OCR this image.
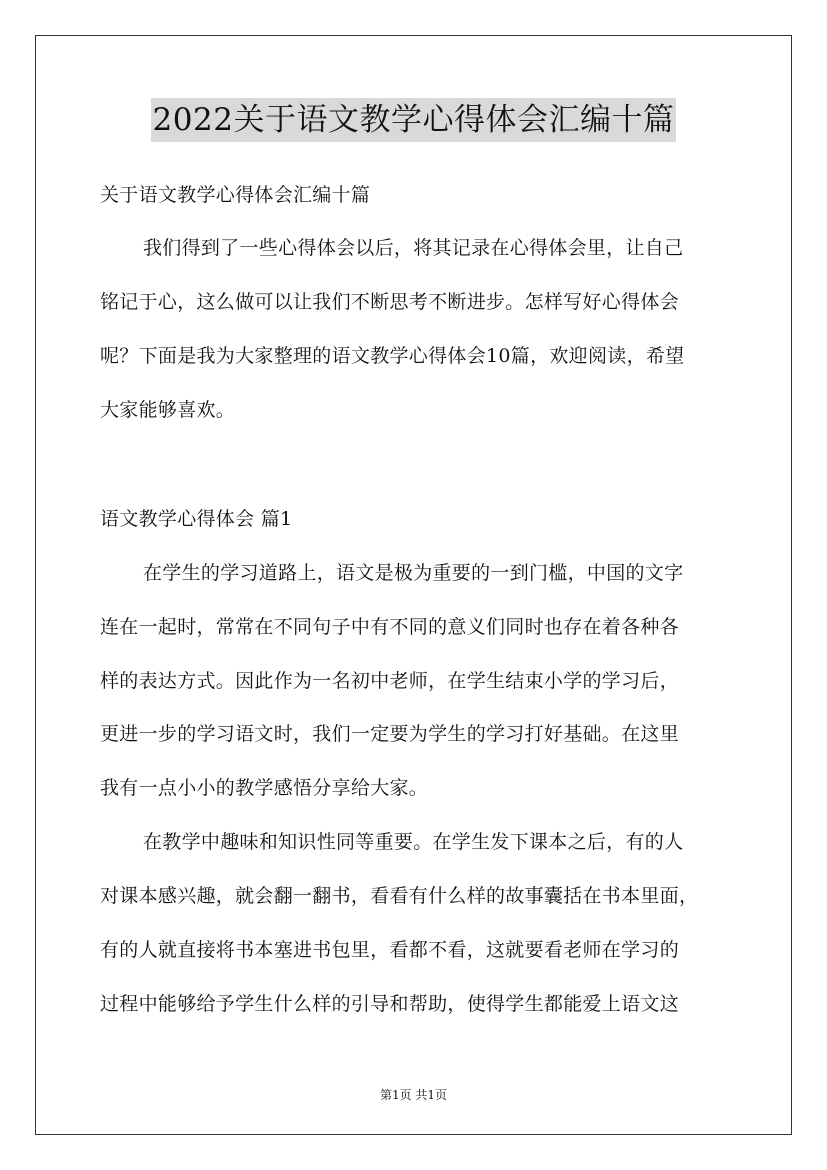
2022关于语文教学心得体会汇编十篇
关于语文教学心得体会汇编十篇
我们得到了一些心得体会以后，将其记录在心得体会里，让自己
铭记于心，这么做可以让我们不断思考不断进步。怎样写好心得体会
呢？下面是我为大家整理的语文教学心得体会10篇，欢迎阅读，希望
大家能够喜欢。
语文教学心得体会 篇1
在学生的学习道路上，语文是极为重要的一到门槛，中国的文字
连在一起时，常常在不同句子中有不同的意义们同时也存在着各种各
样的表达方式。因此作为一名初中老师，在学生结束小学的学习后，
更进一步的学习语文时，我们一定要为学生的学习打好基础。在这里
我有一点小小的教学感悟分享给大家。
在教学中趣味和知识性同等重要。在学生发下课本之后，有的人
对课本感兴趣，就会翻一翻书，看看有什么样的故事囊括在书本里面，
有的人就直接将书本塞进书包里，看都不看，这就要看老师在学习的
过程中能够给予学生什么样的引导和帮助，使得学生都能爱上语文这
第1页 共1页
